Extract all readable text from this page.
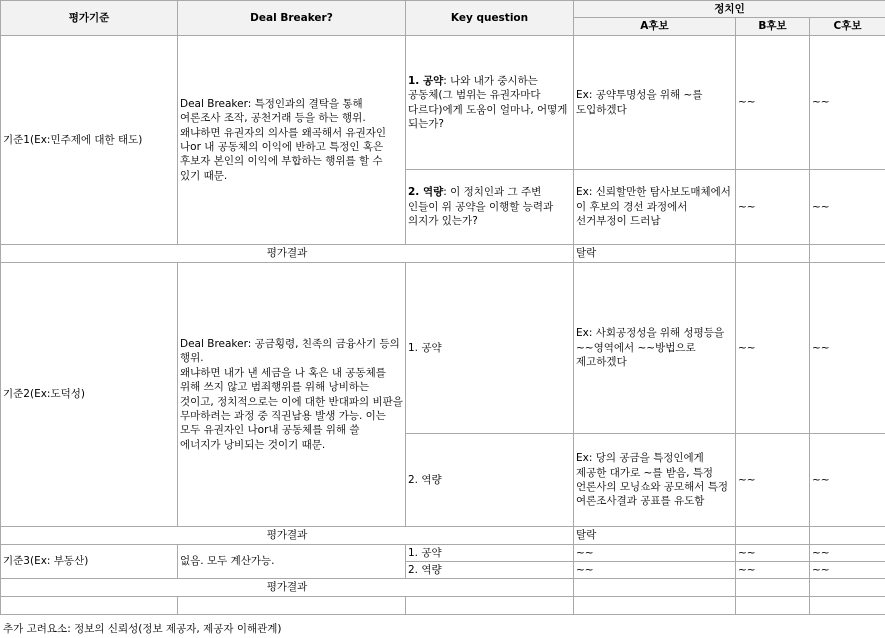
평가기준	Deal Breaker?	Key question	정치인		
			A후보	B후보	C후보
기준1(Ex:민주제에 대한 태도)	Deal Breaker: 특정인과의 결탁을 통해 여론조사 조작, 공천거래 등을 하는 행위.
왜냐하면 유권자의 의사를 왜곡해서 유권자인 나or 내 공동체의 이익에 반하고 특정인 혹은 후보자 본인의 이익에 부합하는 행위를 할 수 있기 때문.	1. 공약: 나와 내가 중시하는 공동체(그 범위는 유권자마다 다르다)에게 도움이 얼마나, 어떻게 되는가?	Ex: 공약투명성을 위해 ~를 도입하겠다	~~	~~
		2. 역량: 이 정치인과 그 주변 인들이 위 공약을 이행할 능력과 의지가 있는가?	Ex: 신뢰할만한 탐사보도매체에서 이 후보의 경선 과정에서 선거부정이 드러남	~~	~~
평가결과			탈락		
기준2(Ex:도덕성)	Deal Breaker: 공금횡령, 친족의 금융사기 등의 행위.
왜냐하면 내가 낸 세금을 나 혹은 내 공동체를 위해 쓰지 않고 범죄행위를 위해 낭비하는 것이고, 정치적으로는 이에 대한 반대파의 비판을 무마하려는 과정 중 직권남용 발생 가능. 이는 모두 유권자인 나or내 공동체를 위해 쓸 에너지가 낭비되는 것이기 때문.	1. 공약	Ex: 사회공정성을 위해 성평등을 ~~영역에서 ~~방법으로 제고하겠다	~~	~~
		2. 역량	Ex: 당의 공금을 특정인에게 제공한 대가로 ~를 받음, 특정 언론사의 모닝쇼와 공모해서 특정 여론조사결과 공표를 유도함	~~	~~
평가결과			탈락		
기준3(Ex: 부동산)	없음. 모두 계산가능.	1. 공약	~~	~~	~~
		2. 역량	~~	~~	~~
평가결과					

추가 고려요소: 정보의 신뢰성(정보 제공자, 제공자 이해관계)
